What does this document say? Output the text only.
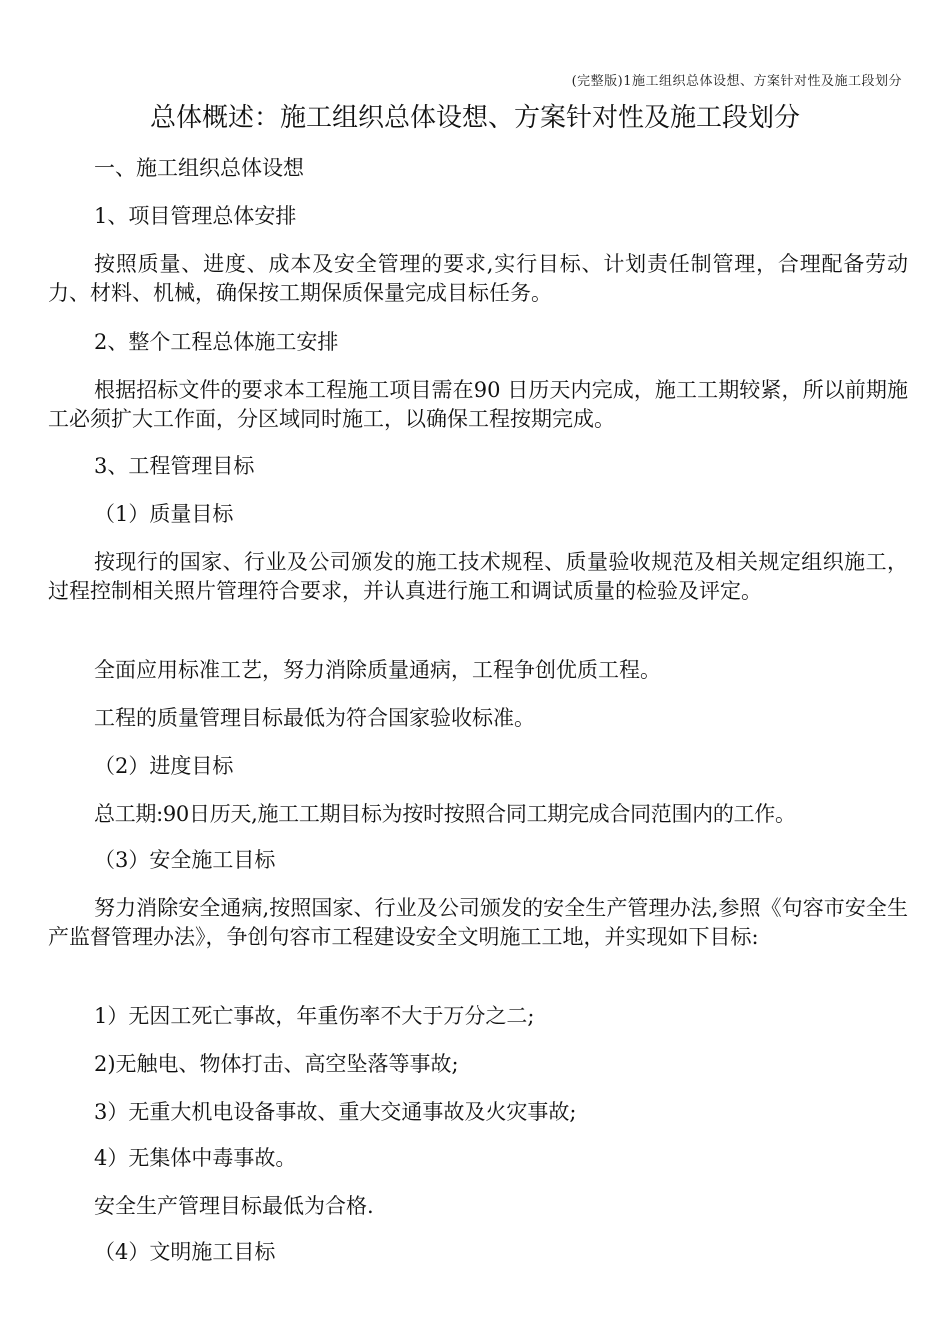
(完整版)1施工组织总体设想、方案针对性及施工段划分
总体概述：施工组织总体设想、方案针对性及施工段划分
一、施工组织总体设想
1、项目管理总体安排
按照质量、进度、成本及安全管理的要求,实行目标、计划责任制管理，合理配备劳动力、材料、机械，确保按工期保质保量完成目标任务。
2、整个工程总体施工安排
根据招标文件的要求本工程施工项目需在90 日历天内完成，施工工期较紧，所以前期施工必须扩大工作面，分区域同时施工，以确保工程按期完成。
3、工程管理目标
（1）质量目标
按现行的国家、行业及公司颁发的施工技术规程、质量验收规范及相关规定组织施工，过程控制相关照片管理符合要求，并认真进行施工和调试质量的检验及评定。
全面应用标准工艺，努力消除质量通病，工程争创优质工程。
工程的质量管理目标最低为符合国家验收标准。
（2）进度目标
总工期:90日历天,施工工期目标为按时按照合同工期完成合同范围内的工作。
（3）安全施工目标
努力消除安全通病,按照国家、行业及公司颁发的安全生产管理办法,参照《句容市安全生产监督管理办法》，争创句容市工程建设安全文明施工工地，并实现如下目标:
1）无因工死亡事故，年重伤率不大于万分之二;
2)无触电、物体打击、高空坠落等事故;
3）无重大机电设备事故、重大交通事故及火灾事故;
4）无集体中毒事故。
安全生产管理目标最低为合格.
（4）文明施工目标
